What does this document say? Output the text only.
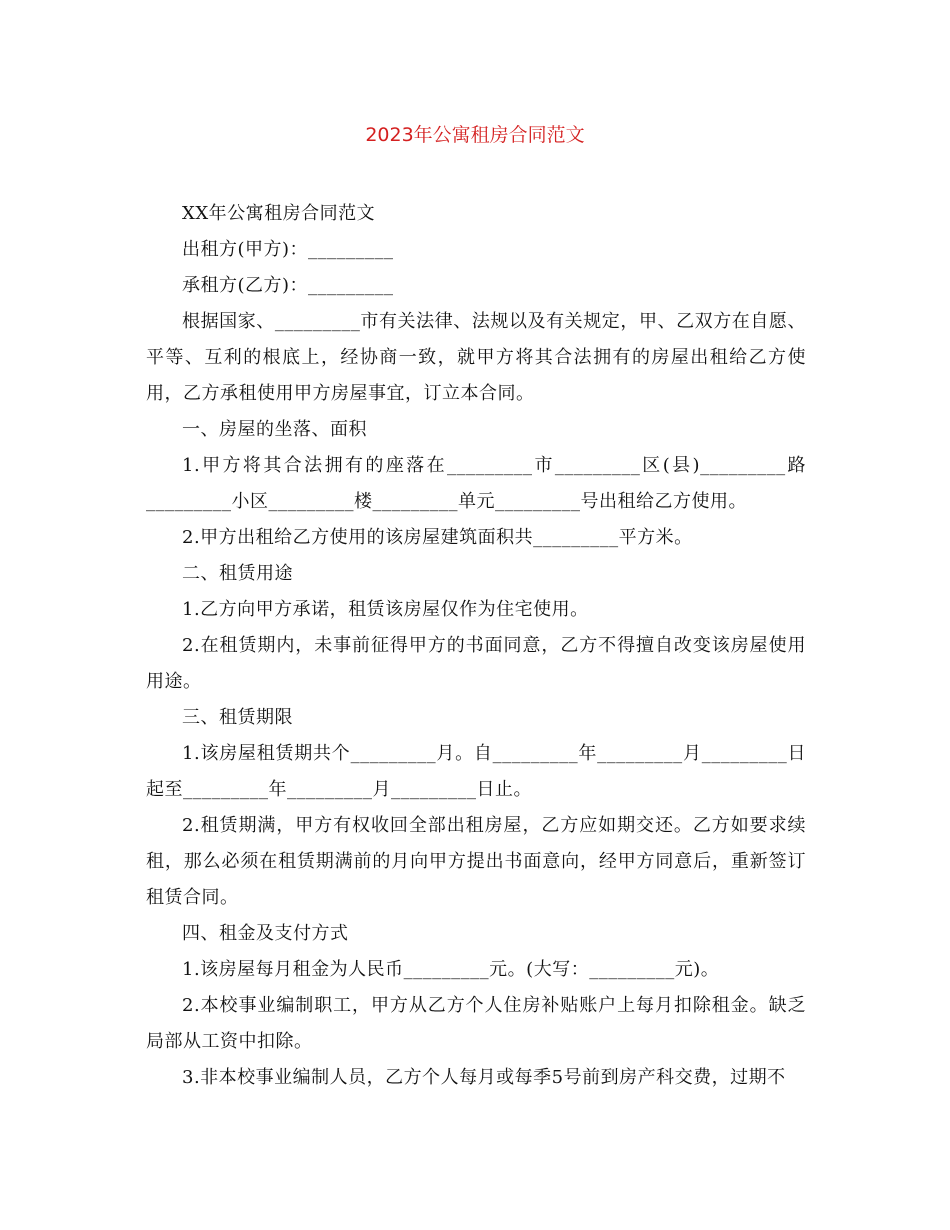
2023年公寓租房合同范文

XX年公寓租房合同范文

出租方(甲方)：_________

承租方(乙方)：_________

根据国家、_________市有关法律、法规以及有关规定，甲、乙双方在自愿、平等、互利的根底上，经协商一致，就甲方将其合法拥有的房屋出租给乙方使用，乙方承租使用甲方房屋事宜，订立本合同。

一、房屋的坐落、面积

1.甲方将其合法拥有的座落在_________市_________区(县)_________路_________小区_________楼_________单元_________号出租给乙方使用。

2.甲方出租给乙方使用的该房屋建筑面积共_________平方米。

二、租赁用途

1.乙方向甲方承诺，租赁该房屋仅作为住宅使用。

2.在租赁期内，未事前征得甲方的书面同意，乙方不得擅自改变该房屋使用用途。

三、租赁期限

1.该房屋租赁期共个_________月。自_________年_________月_________日起至_________年_________月_________日止。

2.租赁期满，甲方有权收回全部出租房屋，乙方应如期交还。乙方如要求续租，那么必须在租赁期满前的月向甲方提出书面意向，经甲方同意后，重新签订租赁合同。

四、租金及支付方式

1.该房屋每月租金为人民币_________元。(大写：_________元)。

2.本校事业编制职工，甲方从乙方个人住房补贴账户上每月扣除租金。缺乏局部从工资中扣除。

3.非本校事业编制人员，乙方个人每月或每季5号前到房产科交费，过期不
